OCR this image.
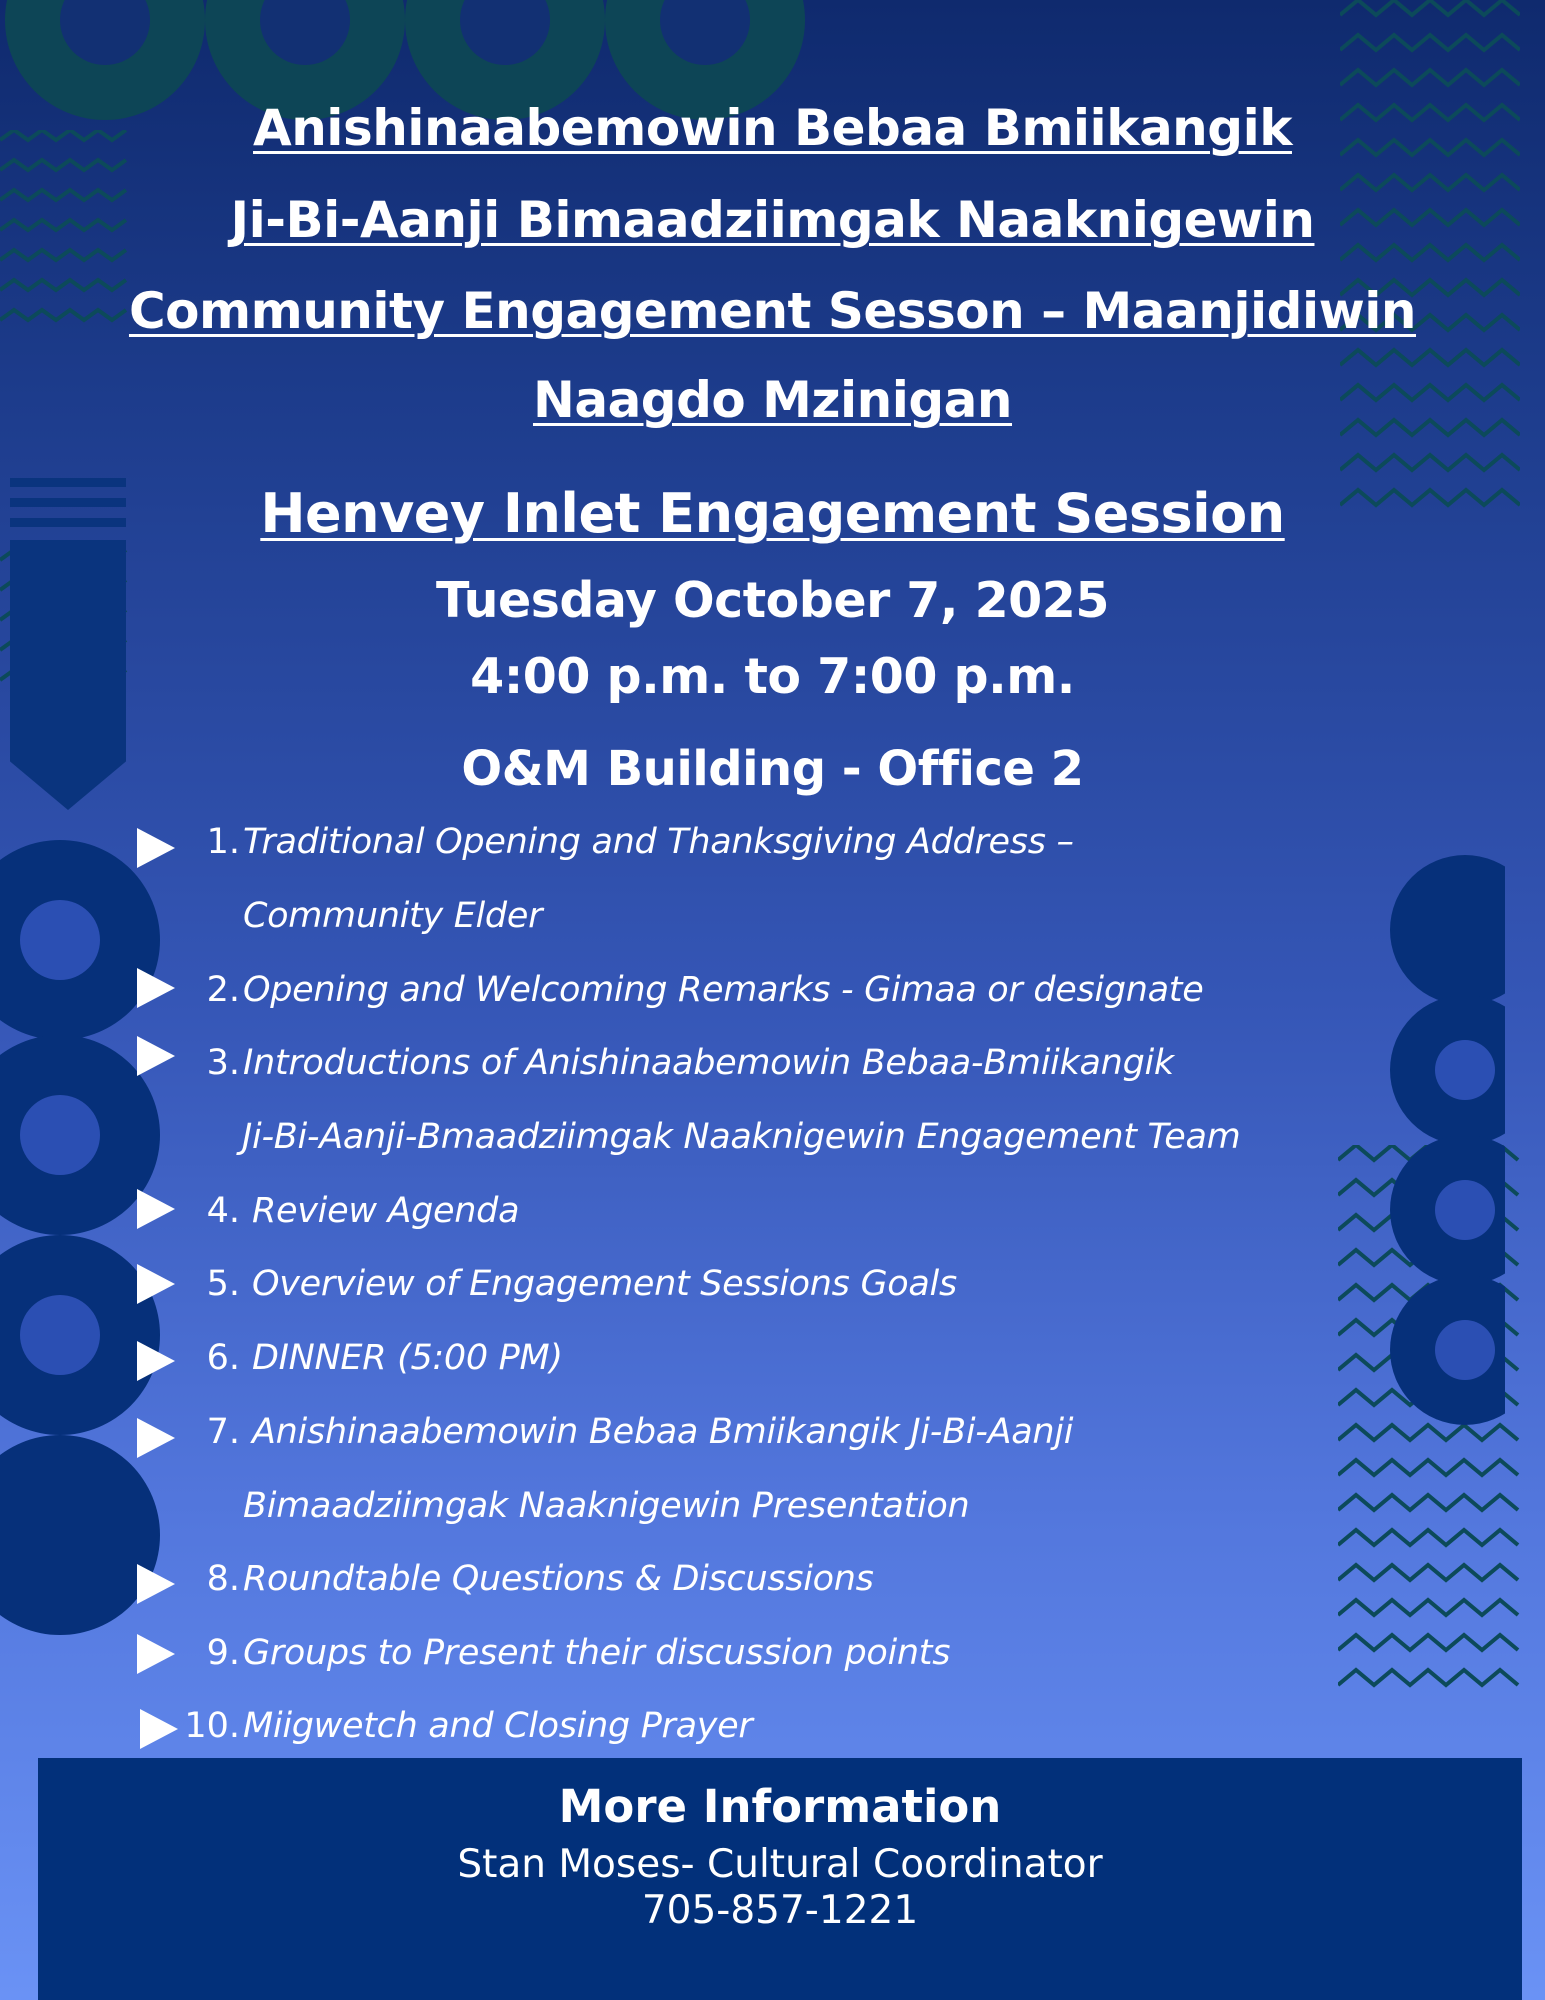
Anishinaabemowin Bebaa Bmiikangik
Ji-Bi-Aanji Bimaadziimgak Naaknigewin
Community Engagement Sesson – Maanjidiwin
Naagdo Mzinigan
Henvey Inlet Engagement Session
Tuesday October 7, 2025
4:00 p.m. to 7:00 p.m.
O&M Building - Office 2
1. Traditional Opening and Thanksgiving Address –
Community Elder
2. Opening and Welcoming Remarks - Gimaa or designate
3. Introductions of Anishinaabemowin Bebaa-Bmiikangik
Ji-Bi-Aanji-Bmaadziimgak Naaknigewin Engagement Team
4. Review Agenda
5. Overview of Engagement Sessions Goals
6. DINNER (5:00 PM)
7. Anishinaabemowin Bebaa Bmiikangik Ji-Bi-Aanji
Bimaadziimgak Naaknigewin Presentation
8. Roundtable Questions & Discussions
9. Groups to Present their discussion points
10. Miigwetch and Closing Prayer
More Information
Stan Moses- Cultural Coordinator
705-857-1221
